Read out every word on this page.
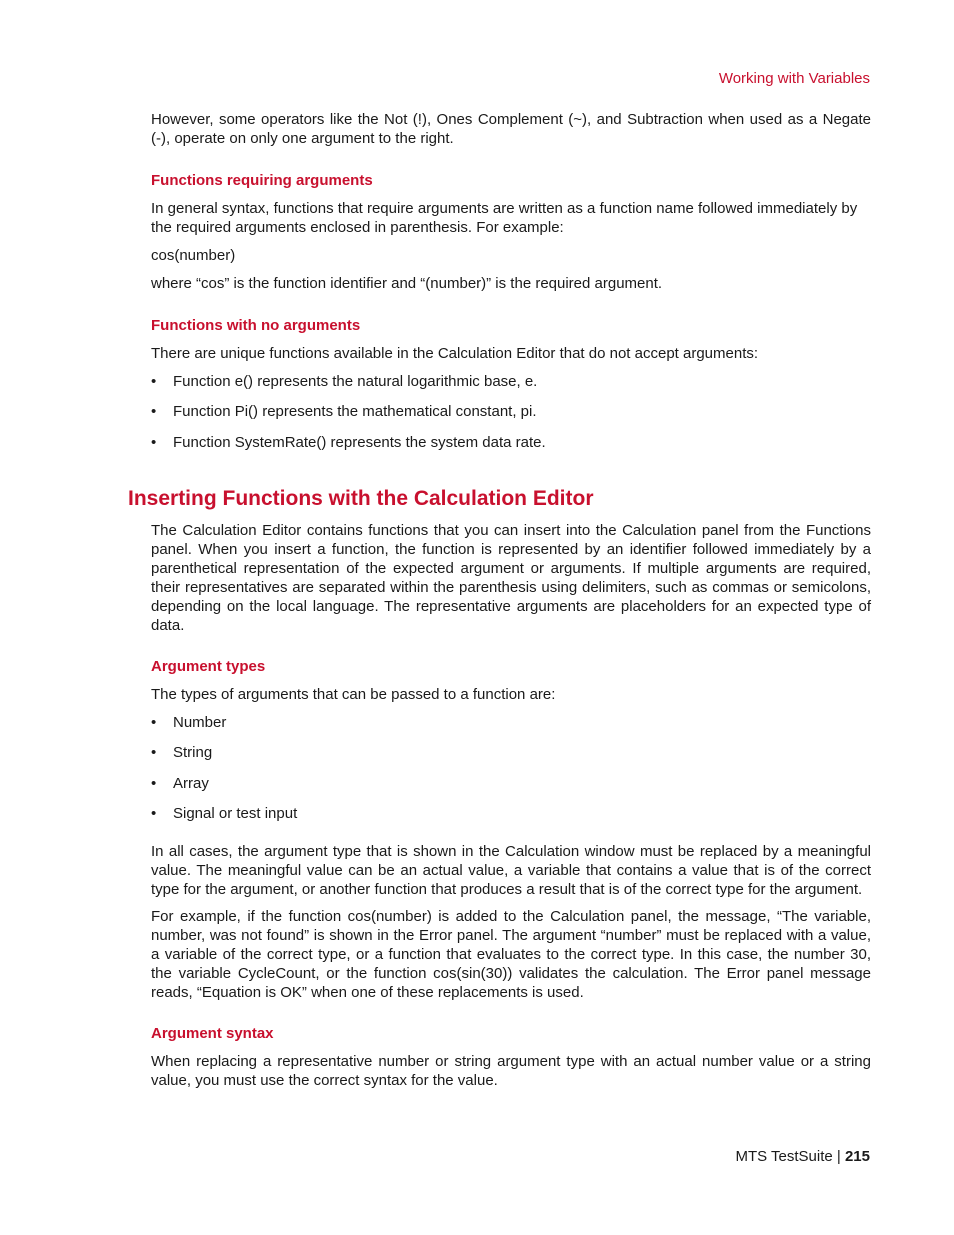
Working with Variables

However, some operators like the Not (!), Ones Complement (~), and Subtraction when used as a Negate (-), operate on only one argument to the right.

Functions requiring arguments

In general syntax, functions that require arguments are written as a function name followed immediately by the required arguments enclosed in parenthesis. For example:

cos(number)

where “cos” is the function identifier and “(number)” is the required argument.

Functions with no arguments

There are unique functions available in the Calculation Editor that do not accept arguments:

•	Function e() represents the natural logarithmic base, e.
•	Function Pi() represents the mathematical constant, pi.
•	Function SystemRate() represents the system data rate.
Inserting Functions with the Calculation Editor

The Calculation Editor contains functions that you can insert into the Calculation panel from the Functions panel. When you insert a function, the function is represented by an identifier followed immediately by a parenthetical representation of the expected argument or arguments. If multiple arguments are required, their representatives are separated within the parenthesis using delimiters, such as commas or semicolons, depending on the local language. The representative arguments are placeholders for an expected type of data.

Argument types

The types of arguments that can be passed to a function are:

•	Number
•	String
•	Array
•	Signal or test input

In all cases, the argument type that is shown in the Calculation window must be replaced by a meaningful value. The meaningful value can be an actual value, a variable that contains a value that is of the correct type for the argument, or another function that produces a result that is of the correct type for the argument.

For example, if the function cos(number) is added to the Calculation panel, the message, “The variable, number, was not found” is shown in the Error panel. The argument “number” must be replaced with a value, a variable of the correct type, or a function that evaluates to the correct type. In this case, the number 30, the variable CycleCount, or the function cos(sin(30)) validates the calculation. The Error panel message reads, “Equation is OK” when one of these replacements is used.

Argument syntax

When replacing a representative number or string argument type with an actual number value or a string value, you must use the correct syntax for the value.

MTS TestSuite | 215
